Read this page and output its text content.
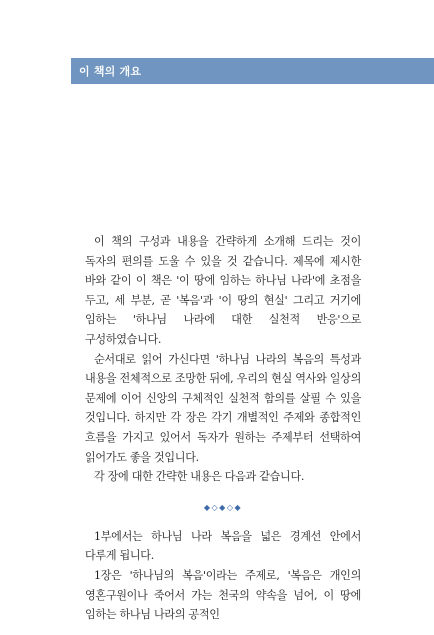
이 책의 개요

이 책의 구성과 내용을 간략하게 소개해 드리는 것이 독자의 편의를 도울 수 있을 것 같습니다. 제목에 제시한 바와 같이 이 책은 '이 땅에 임하는 하나님 나라'에 초점을 두고, 세 부분, 곧 '복음'과 '이 땅의 현실' 그리고 거기에 임하는 '하나님 나라에 대한 실천적 반응'으로 구성하였습니다.

순서대로 읽어 가신다면 '하나님 나라의 복음의 특성과 내용을 전체적으로 조망한 뒤에, 우리의 현실 역사와 일상의 문제에 이어 신앙의 구체적인 실천적 함의를 살필 수 있을 것입니다. 하지만 각 장은 각기 개별적인 주제와 종합적인 흐름을 가지고 있어서 독자가 원하는 주제부터 선택하여 읽어가도 좋을 것입니다.

각 장에 대한 간략한 내용은 다음과 같습니다.

◆◇◆◇◆

1부에서는 하나님 나라 복음을 넓은 경계선 안에서 다루게 됩니다.

1장은 '하나님의 복음'이라는 주제로, '복음은 개인의 영혼구원이나 죽어서 가는 천국의 약속을 넘어, 이 땅에 임하는 하나님 나라의 공적인
